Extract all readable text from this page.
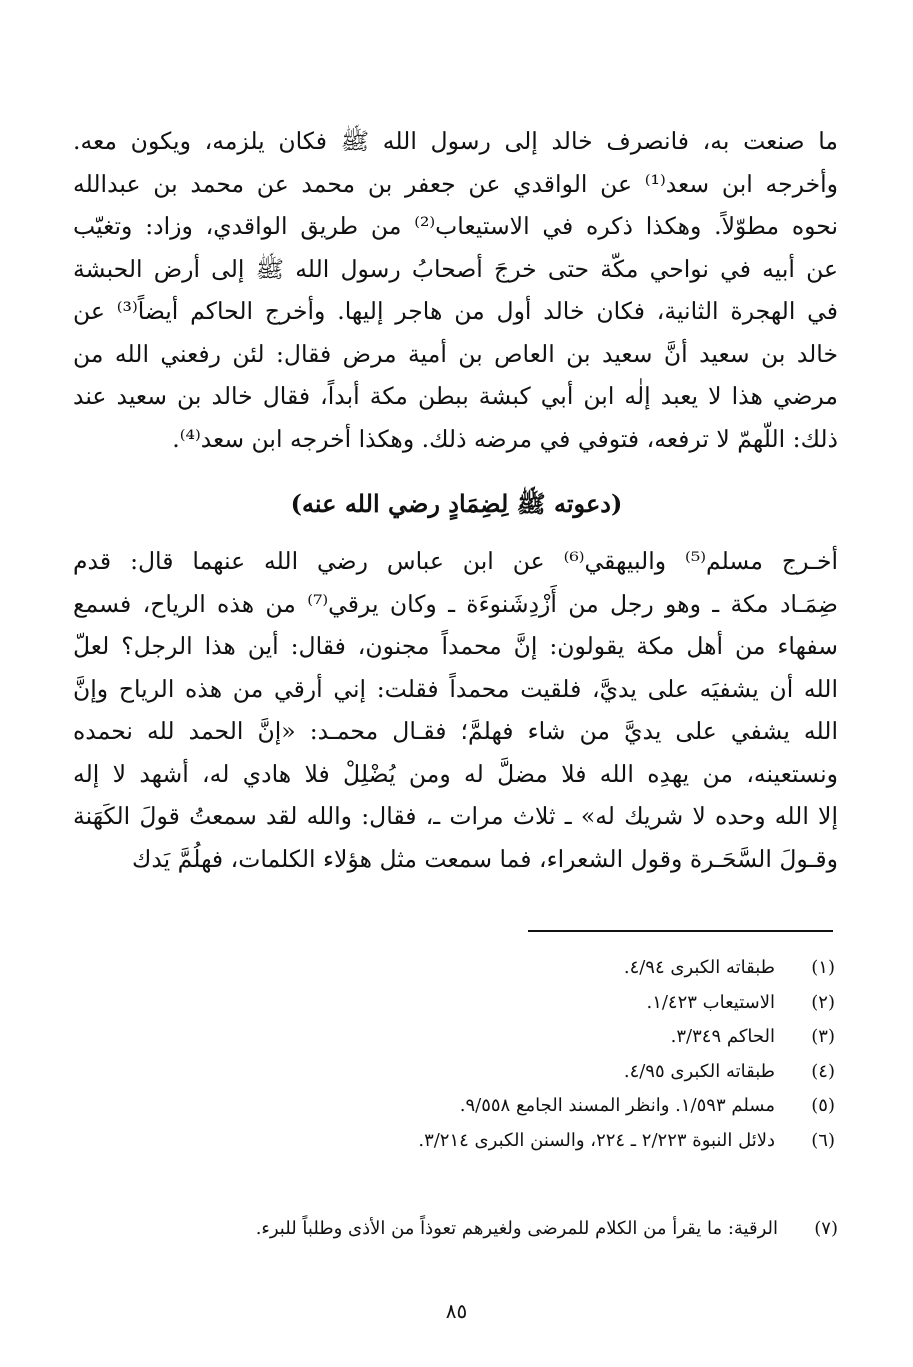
ما صنعت به، فانصرف خالد إلى رسول الله ﷺ فكان يلزمه، ويكون معه.
وأخرجه ابن سعد⁽¹⁾ عن الواقدي عن جعفر بن محمد عن محمد بن عبدالله
نحوه مطوّلاً. وهكذا ذكره في الاستيعاب⁽²⁾ من طريق الواقدي، وزاد: وتغيّب
عن أبيه في نواحي مكّة حتى خرجَ أصحابُ رسول الله ﷺ إلى أرض الحبشة
في الهجرة الثانية، فكان خالد أول من هاجر إليها. وأخرج الحاكم أيضاً⁽³⁾ عن
خالد بن سعيد أنَّ سعيد بن العاص بن أمية مرض فقال: لئن رفعني الله من
مرضي هذا لا يعبد إلٰه ابن أبي كبشة ببطن مكة أبداً، فقال خالد بن سعيد عند
ذلك: اللّهمّ لا ترفعه، فتوفي في مرضه ذلك. وهكذا أخرجه ابن سعد⁽⁴⁾.
(دعوته ﷺ لِضِمَادٍ رضي الله عنه)
أخـرج مسلم⁽⁵⁾ والبيهقي⁽⁶⁾ عن ابن عباس رضي الله عنهما قال: قدم
ضِمَـاد مكة ـ وهو رجل من أَزْدِشَنوءَة ـ وكان يرقي⁽⁷⁾ من هذه الرياح، فسمع
سفهاء من أهل مكة يقولون: إنَّ محمداً مجنون، فقال: أين هذا الرجل؟ لعلّ
الله أن يشفيَه على يديَّ، فلقيت محمداً فقلت: إني أرقي من هذه الرياح وإنَّ
الله يشفي على يديَّ من شاء فهلمَّ؛ فقـال محمـد: «إنَّ الحمد لله نحمده
ونستعينه، من يهدِه الله فلا مضلَّ له ومن يُضْلِلْ فلا هادي له، أشهد لا إله
إلا الله وحده لا شريك له» ـ ثلاث مرات ـ، فقال: والله لقد سمعتُ قولَ الكَهَنة
وقـولَ السَّحَـرة وقول الشعراء، فما سمعت مثل هؤلاء الكلمات، فهلُمَّ يَدك
(١)
طبقاته الكبرى ٤/٩٤.
(٢)
الاستيعاب ١/٤٢٣.
(٣)
الحاكم ٣/٣٤٩.
(٤)
طبقاته الكبرى ٤/٩٥.
(٥)
مسلم ١/٥٩٣. وانظر المسند الجامع ٩/٥٥٨.
(٦)
دلائل النبوة ٢/٢٢٣ ـ ٢٢٤، والسنن الكبرى ٣/٢١٤.
(٧)
الرقية: ما يقرأ من الكلام للمرضى ولغيرهم تعوذاً من الأذى وطلباً للبرء.
٨٥
